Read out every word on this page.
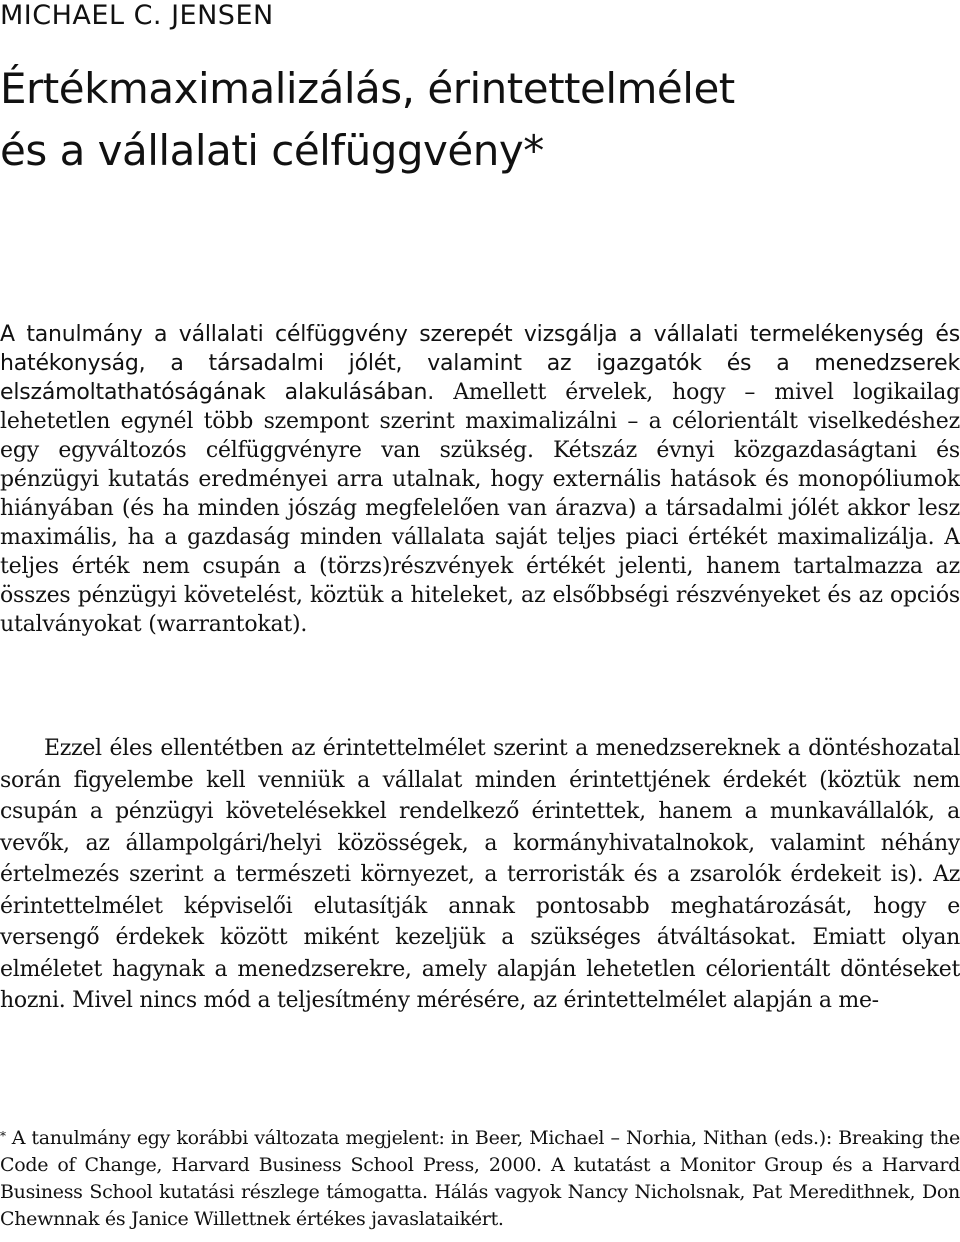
MICHAEL C. JENSEN
Értékmaximalizálás, érintettelmélet
és a vállalati célfüggvény*

A tanulmány a vállalati célfüggvény szerepét vizsgálja a vállalati termelékenység és hatékonyság, a társadalmi jólét, valamint az igazgatók és a menedzserek elszámoltathatóságának alakulásában. Amellett érvelek, hogy – mivel logikailag lehetetlen egynél több szempont szerint maximalizálni – a célorientált viselkedéshez egy egyváltozós célfüggvényre van szükség. Kétszáz évnyi közgazdaságtani és pénzügyi kutatás eredményei arra utalnak, hogy externális hatások és monopóliumok hiányában (és ha minden jószág megfelelően van árazva) a társadalmi jólét akkor lesz maximális, ha a gazdaság minden vállalata saját teljes piaci értékét maximalizálja. A teljes érték nem csupán a (törzs)részvények értékét jelenti, hanem tartalmazza az összes pénzügyi követelést, köztük a hiteleket, az elsőbbségi részvényeket és az opciós utalványokat (warrantokat).

Ezzel éles ellentétben az érintettelmélet szerint a menedzsereknek a döntéshozatal során figyelembe kell venniük a vállalat minden érintettjének érdekét (köztük nem csupán a pénzügyi követelésekkel rendelkező érintettek, hanem a munkavállalók, a vevők, az állampolgári/helyi közösségek, a kormányhivatalnokok, valamint néhány értelmezés szerint a természeti környezet, a terroristák és a zsarolók érdekeit is). Az érintettelmélet képviselői elutasítják annak pontosabb meghatározását, hogy e versengő érdekek között miként kezeljük a szükséges átváltásokat. Emiatt olyan elméletet hagynak a menedzserekre, amely alapján lehetetlen célorientált döntéseket hozni. Mivel nincs mód a teljesítmény mérésére, az érintettelmélet alapján a me-

* A tanulmány egy korábbi változata megjelent: in Beer, Michael – Norhia, Nithan (eds.): Breaking the Code of Change, Harvard Business School Press, 2000. A kutatást a Monitor Group és a Harvard Business School kutatási részlege támogatta. Hálás vagyok Nancy Nicholsnak, Pat Meredithnek, Don Chewnnak és Janice Willettnek értékes javaslataikért.
